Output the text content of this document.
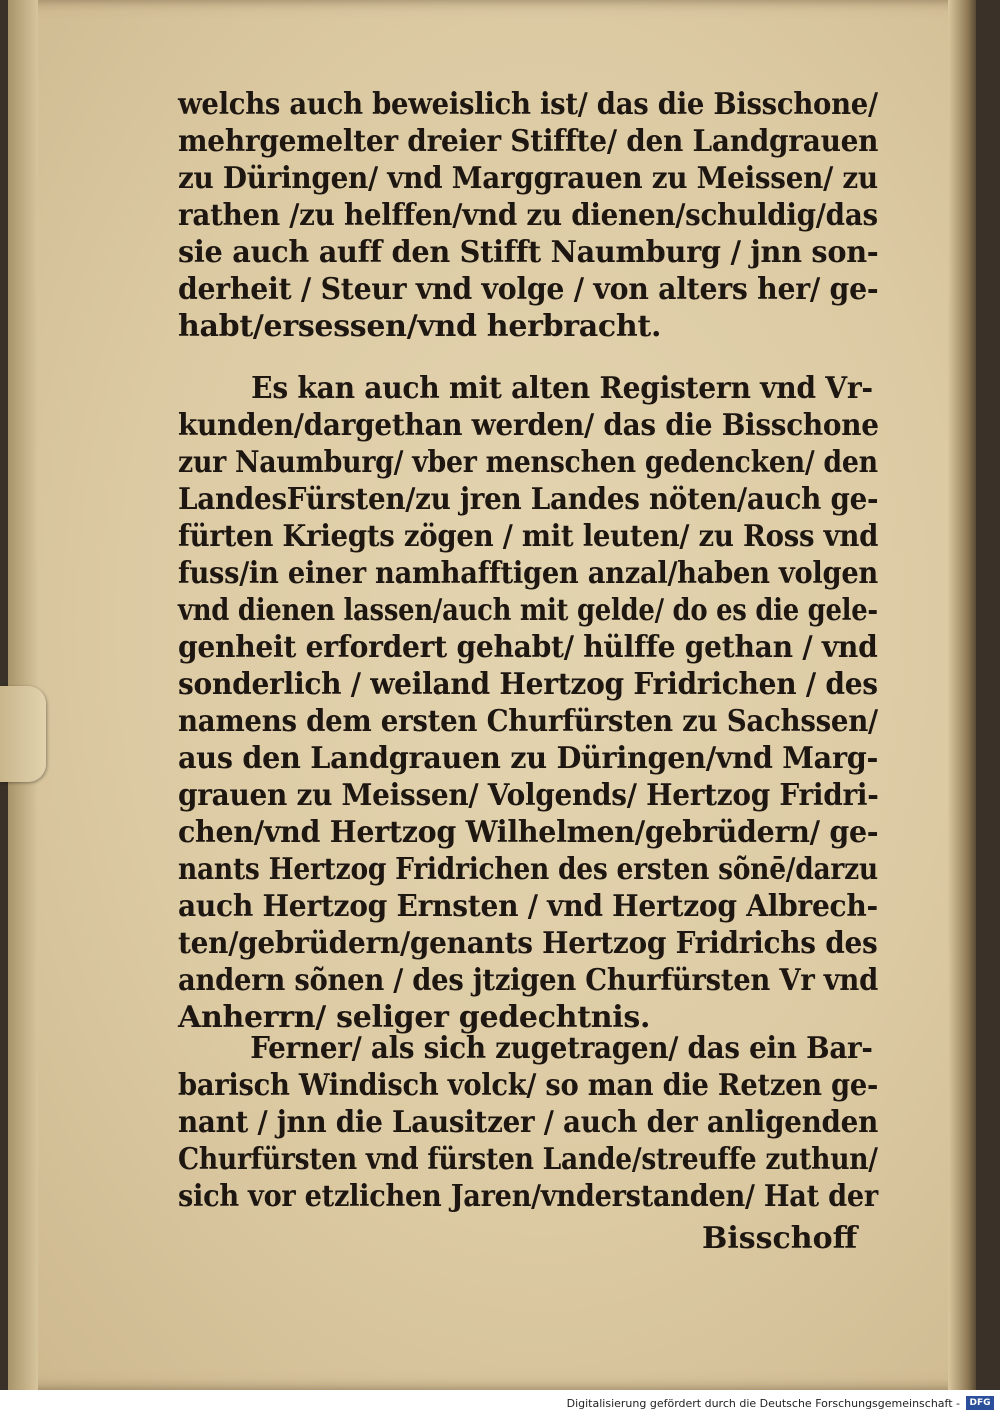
welchs auch beweislich ist/ das die Bisschone/
mehrgemelter dreier Stiffte/ den Landgrauen
zu Düringen/ vnd Marggrauen zu Meissen/ zu
rathen /zu helffen/vnd zu dienen/schuldig/das
sie auch auff den Stifft Naumburg / jnn son-
derheit / Steur vnd volge / von alters her/ ge-
habt/ersessen/vnd herbracht.
Es kan auch mit alten Registern vnd Vr-
kunden/dargethan werden/ das die Bisschone
zur Naumburg/ vber menschen gedencken/ den
LandesFürsten/zu jren Landes nöten/auch ge-
fürten Kriegts zögen / mit leuten/ zu Ross vnd
fuss/in einer namhafftigen anzal/haben volgen
vnd dienen lassen/auch mit gelde/ do es die gele-
genheit erfordert gehabt/ hülffe gethan / vnd
sonderlich / weiland Hertzog Fridrichen / des
namens dem ersten Churfürsten zu Sachssen/
aus den Landgrauen zu Düringen/vnd Marg-
grauen zu Meissen/ Volgends/ Hertzog Fridri-
chen/vnd Hertzog Wilhelmen/gebrüdern/ ge-
nants Hertzog Fridrichen des ersten sõnē/darzu
auch Hertzog Ernsten / vnd Hertzog Albrech-
ten/gebrüdern/genants Hertzog Fridrichs des
andern sõnen / des jtzigen Churfürsten Vr vnd
Anherrn/ seliger gedechtnis.
Ferner/ als sich zugetragen/ das ein Bar-
barisch Windisch volck/ so man die Retzen ge-
nant / jnn die Lausitzer / auch der anligenden
Churfürsten vnd fürsten Lande/streuffe zuthun/
sich vor etzlichen Jaren/vnderstanden/ Hat der
Bisschoff
Digitalisierung gefördert durch die Deutsche Forschungsgemeinschaft -	DFG
